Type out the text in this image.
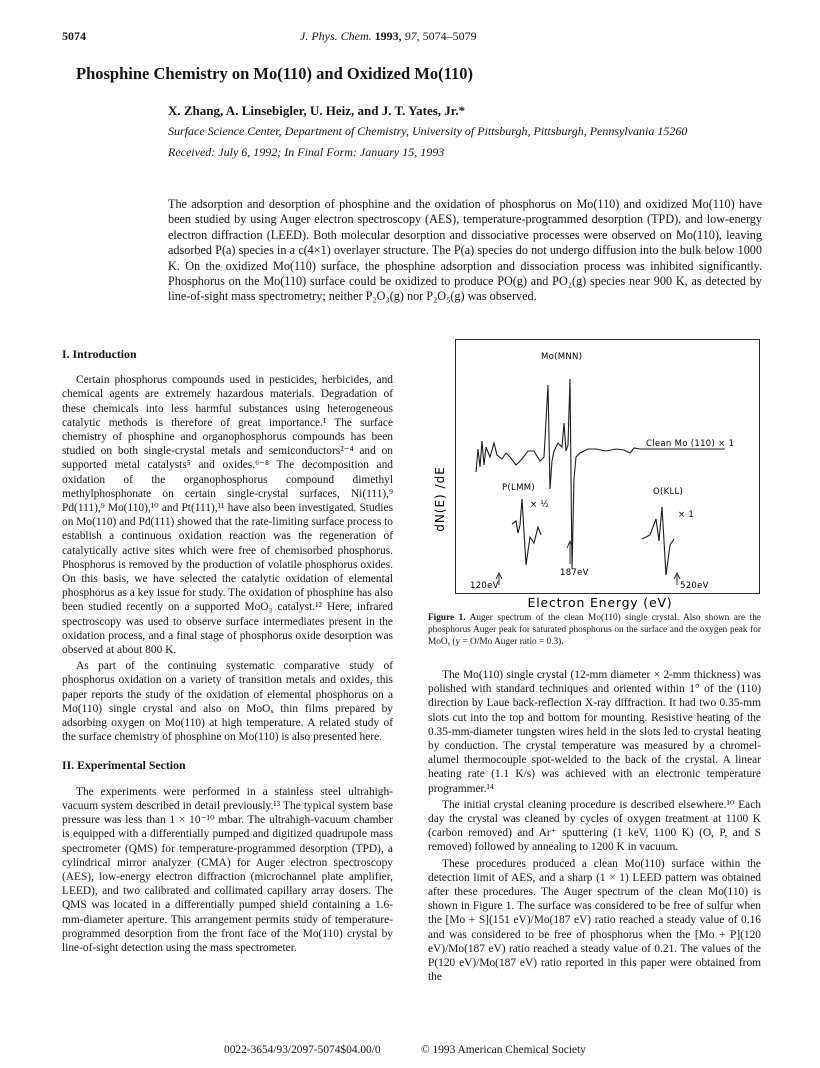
5074	J. Phys. Chem. 1993, 97, 5074–5079
Phosphine Chemistry on Mo(110) and Oxidized Mo(110)
X. Zhang, A. Linsebigler, U. Heiz, and J. T. Yates, Jr.*
Surface Science Center, Department of Chemistry, University of Pittsburgh, Pittsburgh, Pennsylvania 15260
Received: July 6, 1992; In Final Form: January 15, 1993
The adsorption and desorption of phosphine and the oxidation of phosphorus on Mo(110) and oxidized Mo(110) have been studied by using Auger electron spectroscopy (AES), temperature-programmed desorption (TPD), and low-energy electron diffraction (LEED). Both molecular desorption and dissociative processes were observed on Mo(110), leaving adsorbed P(a) species in a c(4×1) overlayer structure. The P(a) species do not undergo diffusion into the bulk below 1000 K. On the oxidized Mo(110) surface, the phosphine adsorption and dissociation process was inhibited significantly. Phosphorus on the Mo(110) surface could be oxidized to produce PO(g) and PO₂(g) species near 900 K, as detected by line-of-sight mass spectrometry; neither P₂O₃(g) nor P₂O₅(g) was observed.
I. Introduction

Certain phosphorus compounds used in pesticides, herbicides, and chemical agents are extremely hazardous materials. Degradation of these chemicals into less harmful substances using heterogeneous catalytic methods is therefore of great importance.¹ The surface chemistry of phosphine and organophosphorus compounds has been studied on both single-crystal metals and semiconductors²⁻⁴ and on supported metal catalysts⁵ and oxides.⁶⁻⁸ The decomposition and oxidation of the organophosphorus compound dimethyl methylphosphonate on certain single-crystal surfaces, Ni(111),⁹ Pd(111),⁹ Mo(110),¹⁰ and Pt(111),¹¹ have also been investigated. Studies on Mo(110) and Pd(111) showed that the rate-limiting surface process to establish a continuous oxidation reaction was the regeneration of catalytically active sites which were free of chemisorbed phosphorus. Phosphorus is removed by the production of volatile phosphorus oxides. On this basis, we have selected the catalytic oxidation of elemental phosphorus as a key issue for study. The oxidation of phosphine has also been studied recently on a supported MoO₃ catalyst.¹² Here, infrared spectroscopy was used to observe surface intermediates present in the oxidation process, and a final stage of phosphorus oxide desorption was observed at about 800 K.

As part of the continuing systematic comparative study of phosphorus oxidation on a variety of transition metals and oxides, this paper reports the study of the oxidation of elemental phosphorus on a Mo(110) single crystal and also on MoOₓ thin films prepared by adsorbing oxygen on Mo(110) at high temperature. A related study of the surface chemistry of phosphine on Mo(110) is also presented here.

II. Experimental Section

The experiments were performed in a stainless steel ultrahigh-vacuum system described in detail previously.¹³ The typical system base pressure was less than 1 × 10⁻¹⁰ mbar. The ultrahigh-vacuum chamber is equipped with a differentially pumped and digitized quadrupole mass spectrometer (QMS) for temperature-programmed desorption (TPD), a cylindrical mirror analyzer (CMA) for Auger electron spectroscopy (AES), low-energy electron diffraction (microchannel plate amplifier, LEED), and two calibrated and collimated capillary array dosers. The QMS was located in a differentially pumped shield containing a 1.6-mm-diameter aperture. This arrangement permits study of temperature-programmed desorption from the front face of the Mo(110) crystal by line-of-sight detection using the mass spectrometer.

dN(E) /dE
Electron Energy (eV)
Mo(MNN)
Clean Mo (110) × 1
P(LMM)
× ½
187eV
120eV
O(KLL)
× 1
520eV
Figure 1. Auger spectrum of the clean Mo(110) single crystal. Also shown are the phosphorus Auger peak for saturated phosphorus on the surface and the oxygen peak for MoOᵧ (y = O/Mo Auger ratio = 0.3).

The Mo(110) single crystal (12-mm diameter × 2-mm thickness) was polished with standard techniques and oriented within 1° of the (110) direction by Laue back-reflection X-ray diffraction. It had two 0.35-mm slots cut into the top and bottom for mounting. Resistive heating of the 0.35-mm-diameter tungsten wires held in the slots led to crystal heating by conduction. The crystal temperature was measured by a chromel-alumel thermocouple spot-welded to the back of the crystal. A linear heating rate (1.1 K/s) was achieved with an electronic temperature programmer.¹⁴

The initial crystal cleaning procedure is described elsewhere.¹⁰ Each day the crystal was cleaned by cycles of oxygen treatment at 1100 K (carbon removed) and Ar⁺ sputtering (1 keV, 1100 K) (O, P, and S removed) followed by annealing to 1200 K in vacuum.

These procedures produced a clean Mo(110) surface within the detection limit of AES, and a sharp (1 × 1) LEED pattern was obtained after these procedures. The Auger spectrum of the clean Mo(110) is shown in Figure 1. The surface was considered to be free of sulfur when the [Mo + S](151 eV)/Mo(187 eV) ratio reached a steady value of 0.16 and was considered to be free of phosphorus when the [Mo + P](120 eV)/Mo(187 eV) ratio reached a steady value of 0.21. The values of the P(120 eV)/Mo(187 eV) ratio reported in this paper were obtained from the

0022-3654/93/2097-5074$04.00/0	© 1993 American Chemical Society
